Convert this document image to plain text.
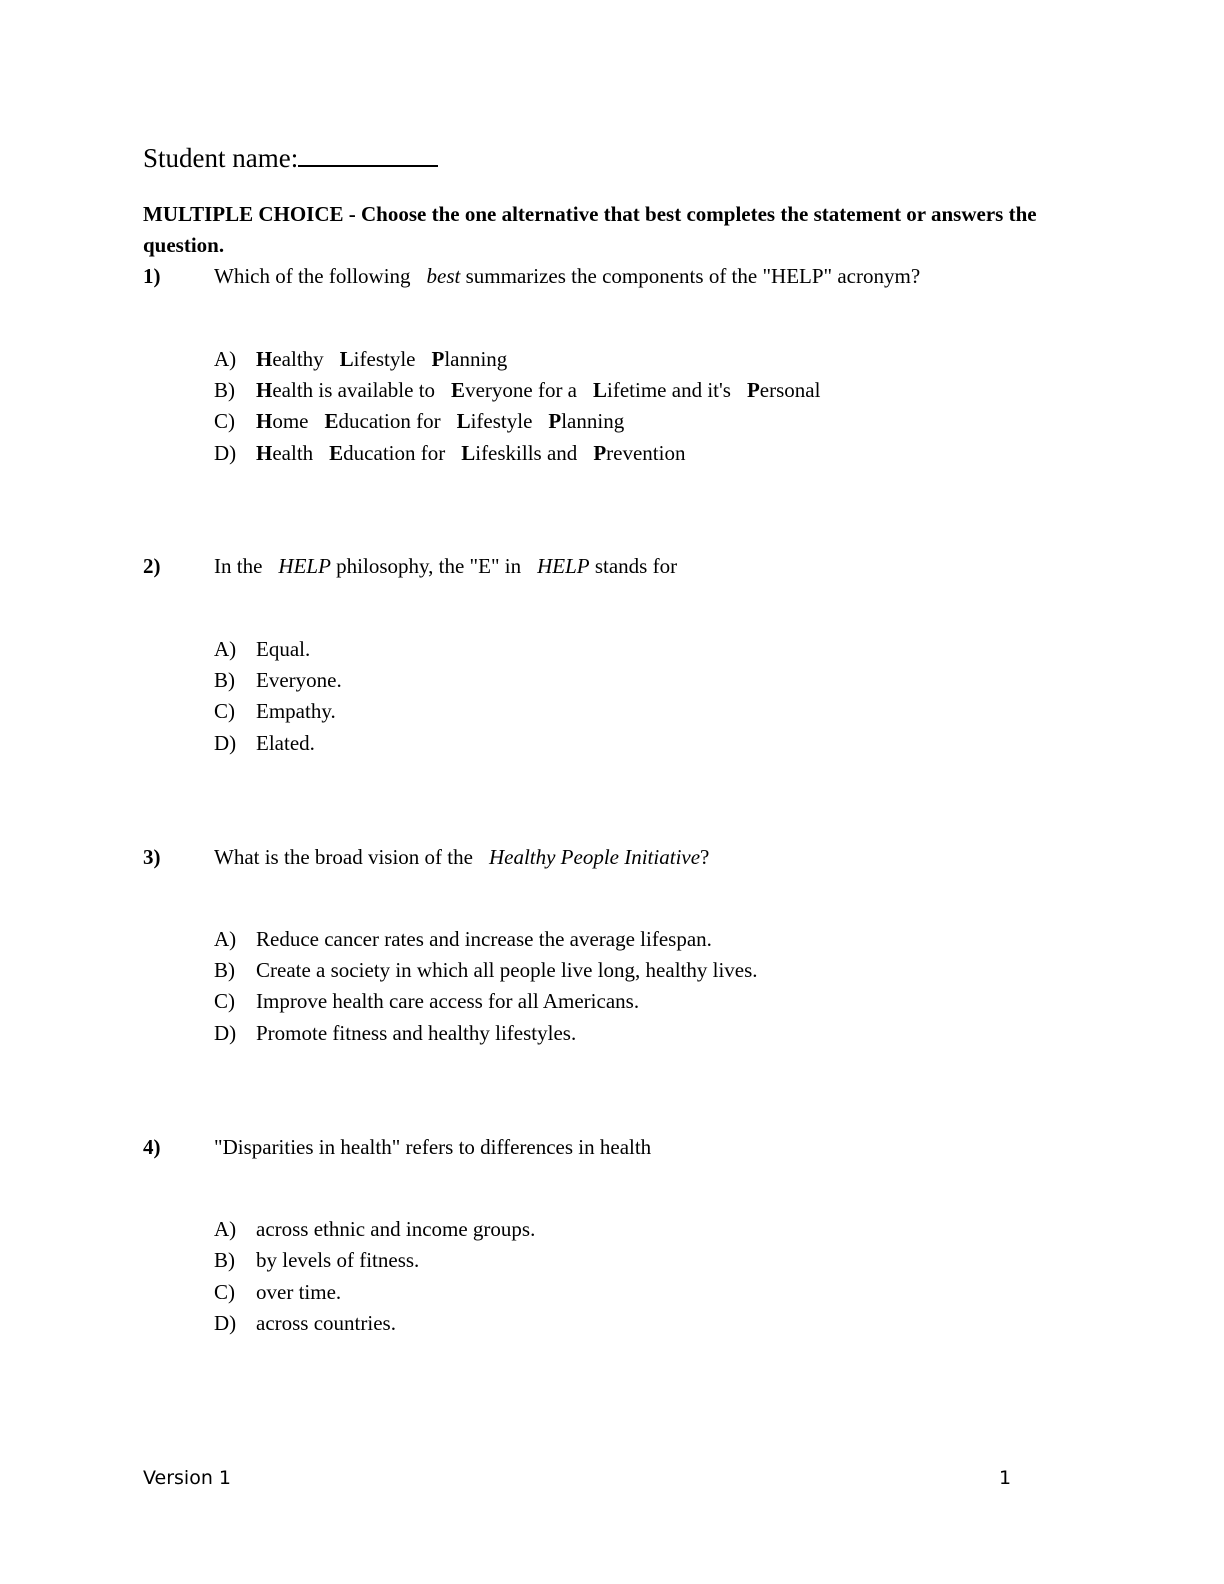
Student name:
MULTIPLE CHOICE - Choose the one alternative that best completes the statement or answers the question.
1)	Which of the following best summarizes the components of the "HELP" acronym?
A) Healthy Lifestyle Planning
B) Health is available to Everyone for a Lifetime and it's Personal
C) Home Education for Lifestyle Planning
D) Health Education for Lifeskills and Prevention
2)	In the HELP philosophy, the "E" in HELP stands for
A) Equal.
B) Everyone.
C) Empathy.
D) Elated.
3)	What is the broad vision of the Healthy People Initiative?
A) Reduce cancer rates and increase the average lifespan.
B) Create a society in which all people live long, healthy lives.
C) Improve health care access for all Americans.
D) Promote fitness and healthy lifestyles.
4)	"Disparities in health" refers to differences in health
A) across ethnic and income groups.
B) by levels of fitness.
C) over time.
D) across countries.
Version 1	1
